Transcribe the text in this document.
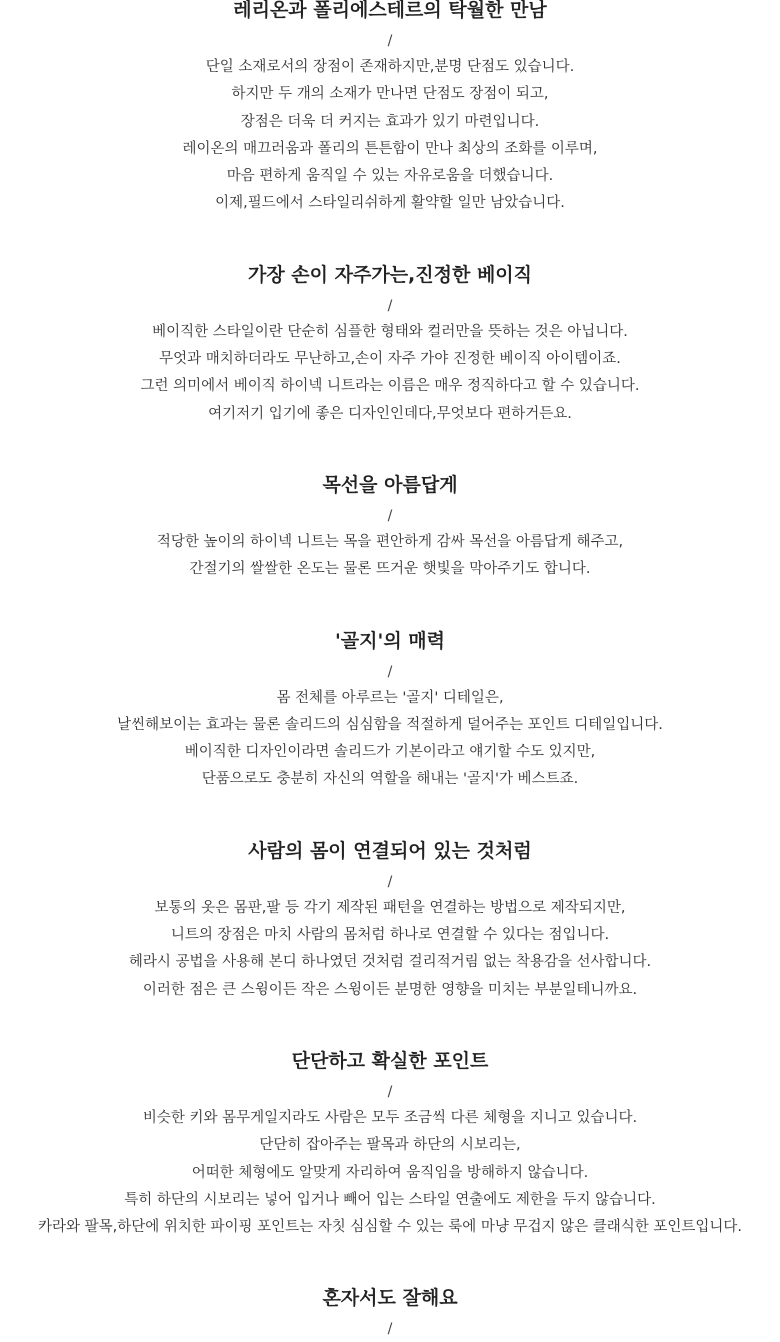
레리온과 폴리에스테르의 탁월한 만남
/
단일 소재로서의 장점이 존재하지만,분명 단점도 있습니다.
하지만 두 개의 소재가 만나면 단점도 장점이 되고,
장점은 더욱 더 커지는 효과가 있기 마련입니다.
레이온의 매끄러움과 폴리의 튼튼함이 만나 최상의 조화를 이루며,
마음 편하게 움직일 수 있는 자유로움을 더했습니다.
이제,필드에서 스타일리쉬하게 활약할 일만 남았습니다.
가장 손이 자주가는,진정한 베이직
/
베이직한 스타일이란 단순히 심플한 형태와 컬러만을 뜻하는 것은 아닙니다.
무엇과 매치하더라도 무난하고,손이 자주 가야 진정한 베이직 아이템이죠.
그런 의미에서 베이직 하이넥 니트라는 이름은 매우 정직하다고 할 수 있습니다.
여기저기 입기에 좋은 디자인인데다,무엇보다 편하거든요.
목선을 아름답게
/
적당한 높이의 하이넥 니트는 목을 편안하게 감싸 목선을 아름답게 해주고,
간절기의 쌀쌀한 온도는 물론 뜨거운 햇빛을 막아주기도 합니다.
'골지'의 매력
/
몸 전체를 아루르는 '골지' 디테일은,
날씬해보이는 효과는 물론 솔리드의 심심함을 적절하게 덜어주는 포인트 디테일입니다.
베이직한 디자인이라면 솔리드가 기본이라고 얘기할 수도 있지만,
단품으로도 충분히 자신의 역할을 해내는 '골지'가 베스트죠.
사람의 몸이 연결되어 있는 것처럼
/
보통의 옷은 몸판,팔 등 각기 제작된 패턴을 연결하는 방법으로 제작되지만,
니트의 장점은 마치 사람의 몸처럼 하나로 연결할 수 있다는 점입니다.
헤라시 공법을 사용해 본디 하나였던 것처럼 걸리적거림 없는 착용감을 선사합니다.
이러한 점은 큰 스윙이든 작은 스윙이든 분명한 영향을 미치는 부분일테니까요.
단단하고 확실한 포인트
/
비슷한 키와 몸무게일지라도 사람은 모두 조금씩 다른 체형을 지니고 있습니다.
단단히 잡아주는 팔목과 하단의 시보리는,
어떠한 체형에도 알맞게 자리하여 움직임을 방해하지 않습니다.
특히 하단의 시보리는 넣어 입거나 빼어 입는 스타일 연출에도 제한을 두지 않습니다.
카라와 팔목,하단에 위치한 파이핑 포인트는 자칫 심심할 수 있는 룩에 마냥 무겁지 않은 클래식한 포인트입니다.
혼자서도 잘해요
/
